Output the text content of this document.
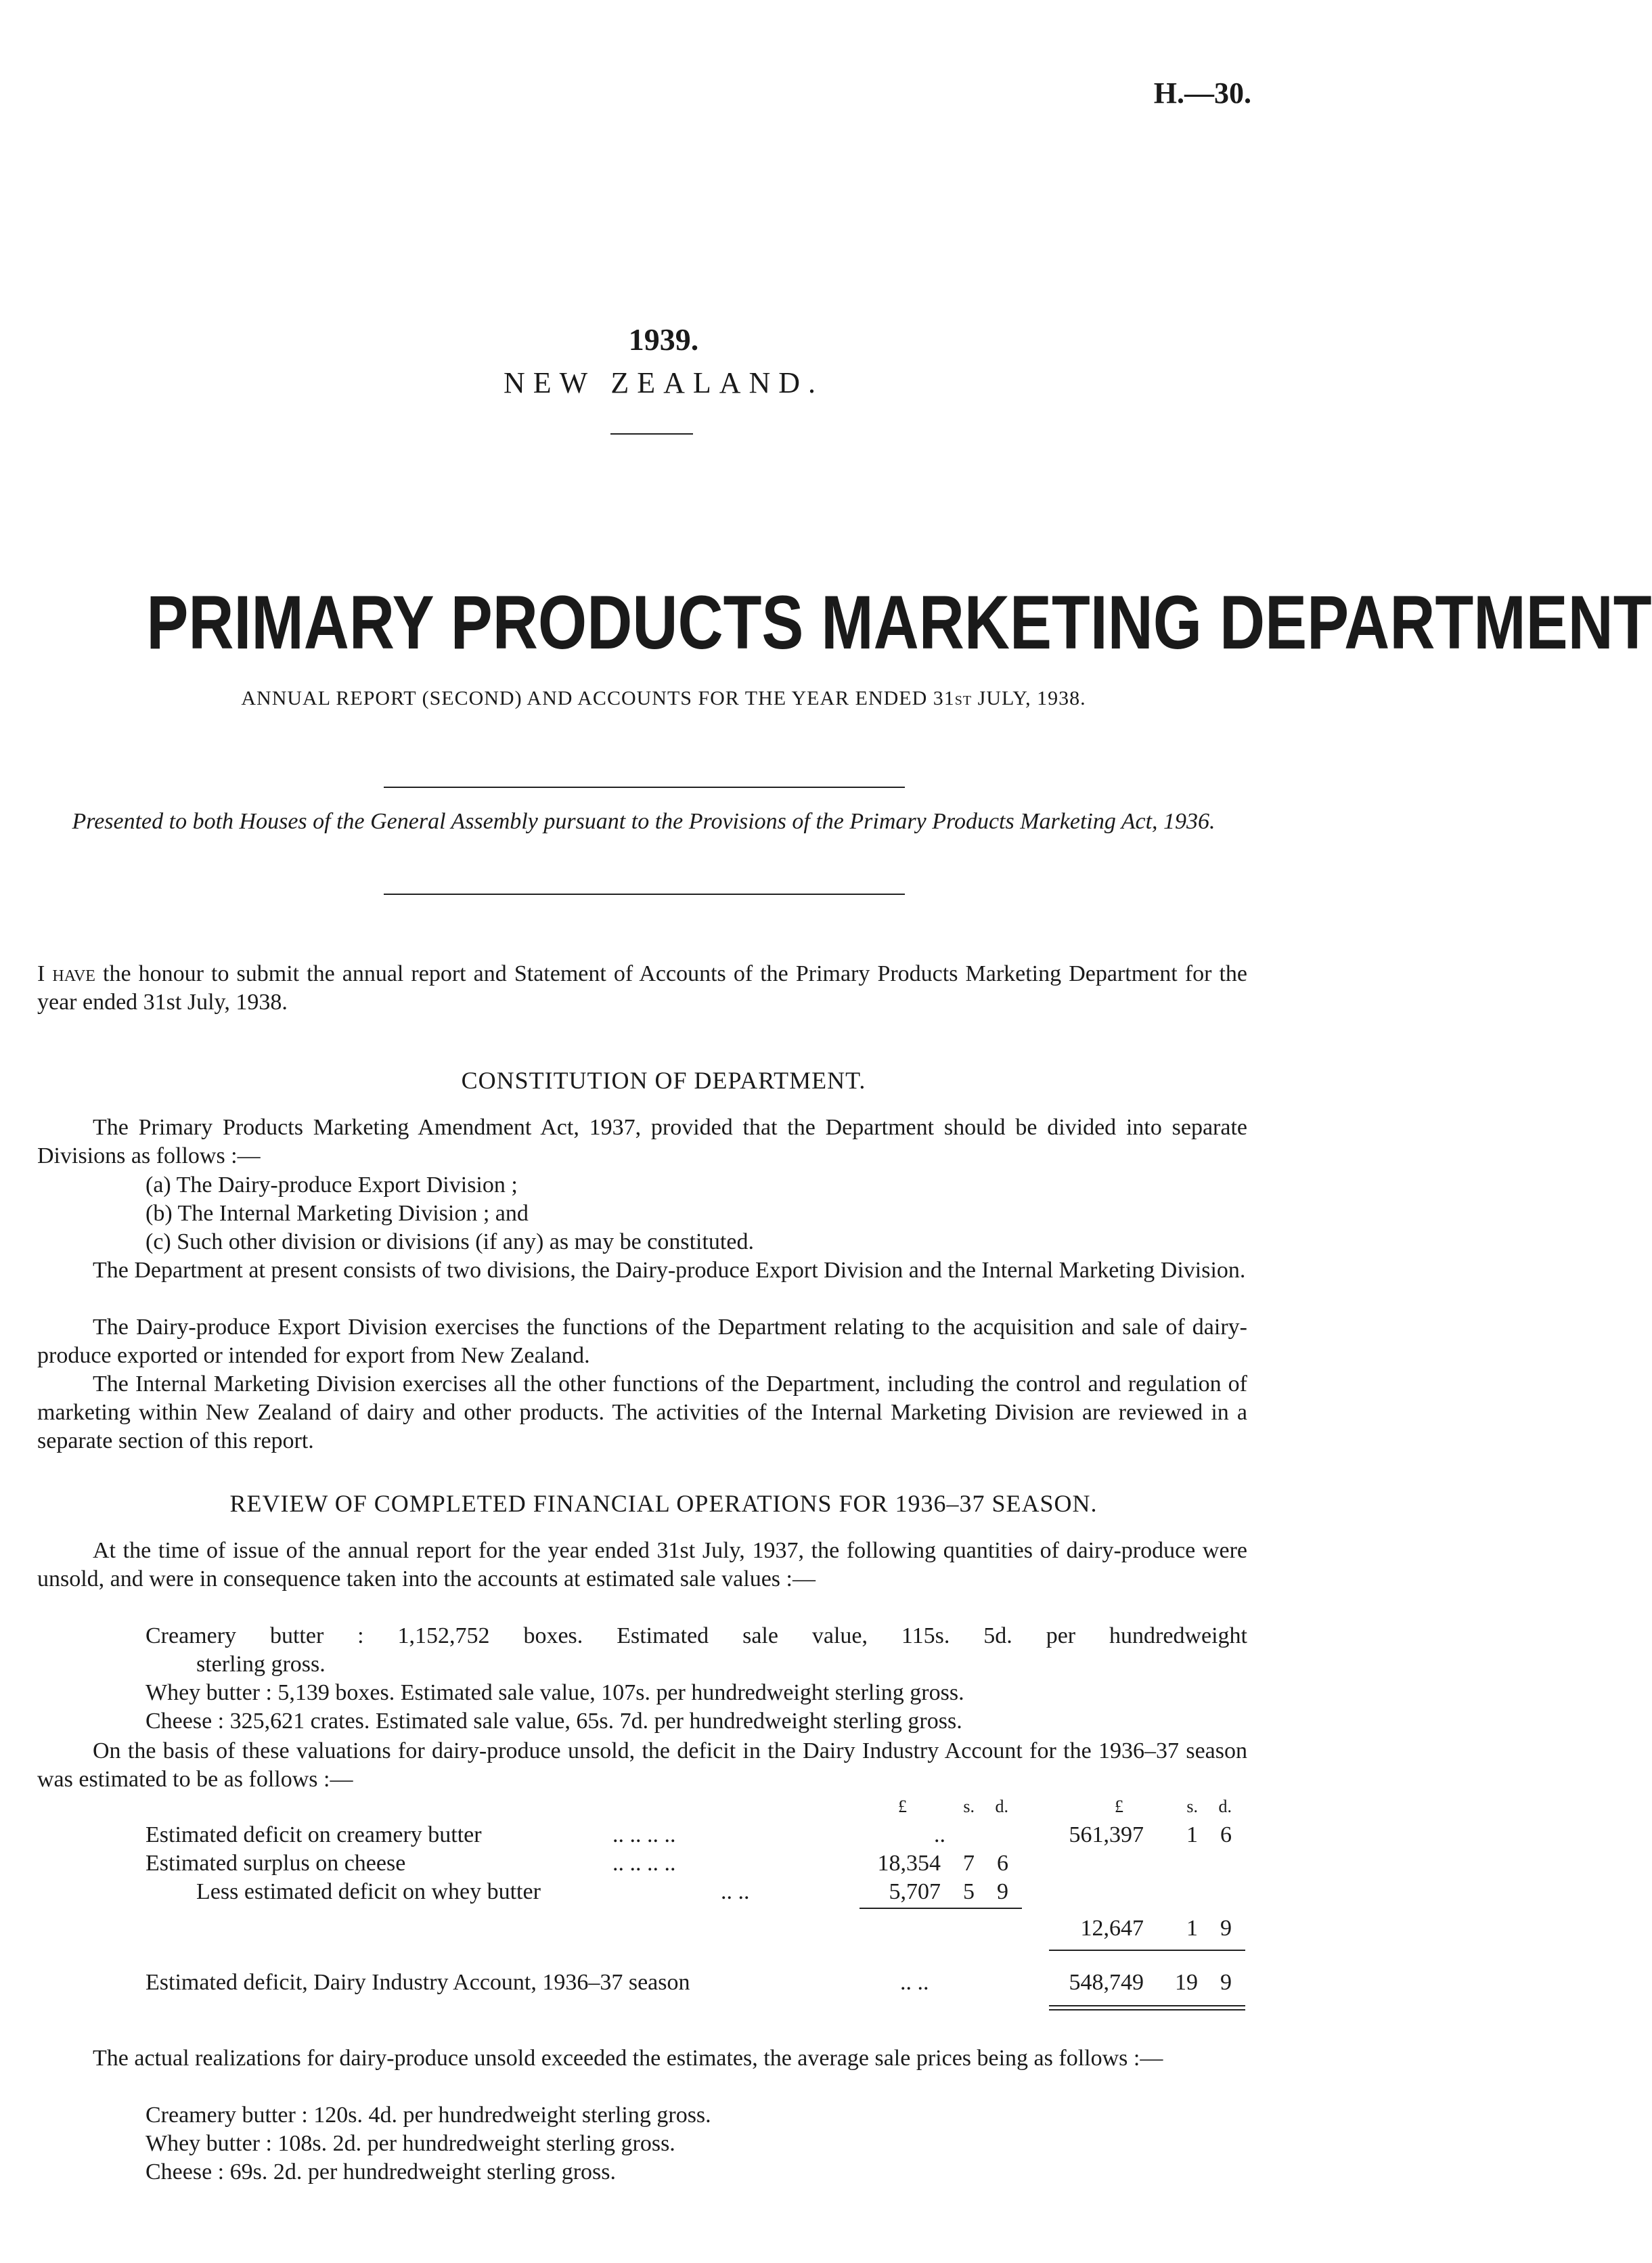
H.—30.
1939.
NEW ZEALAND.
PRIMARY PRODUCTS MARKETING DEPARTMENT
ANNUAL REPORT (SECOND) AND ACCOUNTS FOR THE YEAR ENDED 31ST JULY, 1938.
Presented to both Houses of the General Assembly pursuant to the Provisions of the Primary Products Marketing Act, 1936.
I have the honour to submit the annual report and Statement of Accounts of the Primary Products Marketing Department for the year ended 31st July, 1938.
CONSTITUTION OF DEPARTMENT.
The Primary Products Marketing Amendment Act, 1937, provided that the Department should be divided into separate Divisions as follows :—
(a) The Dairy-produce Export Division ;
(b) The Internal Marketing Division ; and
(c) Such other division or divisions (if any) as may be constituted.
The Department at present consists of two divisions, the Dairy-produce Export Division and the Internal Marketing Division.
The Dairy-produce Export Division exercises the functions of the Department relating to the acquisition and sale of dairy-produce exported or intended for export from New Zealand.
The Internal Marketing Division exercises all the other functions of the Department, including the control and regulation of marketing within New Zealand of dairy and other products. The activities of the Internal Marketing Division are reviewed in a separate section of this report.
REVIEW OF COMPLETED FINANCIAL OPERATIONS FOR 1936–37 SEASON.
At the time of issue of the annual report for the year ended 31st July, 1937, the following quantities of dairy-produce were unsold, and were in consequence taken into the accounts at estimated sale values :—
Creamery butter : 1,152,752 boxes. Estimated sale value, 115s. 5d. per hundredweight
sterling gross.
Whey butter : 5,139 boxes. Estimated sale value, 107s. per hundredweight sterling gross.
Cheese : 325,621 crates. Estimated sale value, 65s. 7d. per hundredweight sterling gross.
On the basis of these valuations for dairy-produce unsold, the deficit in the Dairy Industry Account for the 1936–37 season was estimated to be as follows :—
£	s.	d.	£	s.	d.
Estimated deficit on creamery butter	.. .. .. ..	..	561,397	1 6
Estimated surplus on cheese	.. .. .. ..	18,354 7 6
Less estimated deficit on whey butter	.. ..	5,707 5 9
12,647	1 9
Estimated deficit, Dairy Industry Account, 1936–37 season	.. ..	548,749	19 9
The actual realizations for dairy-produce unsold exceeded the estimates, the average sale prices being as follows :—
Creamery butter : 120s. 4d. per hundredweight sterling gross.
Whey butter : 108s. 2d. per hundredweight sterling gross.
Cheese : 69s. 2d. per hundredweight sterling gross.
